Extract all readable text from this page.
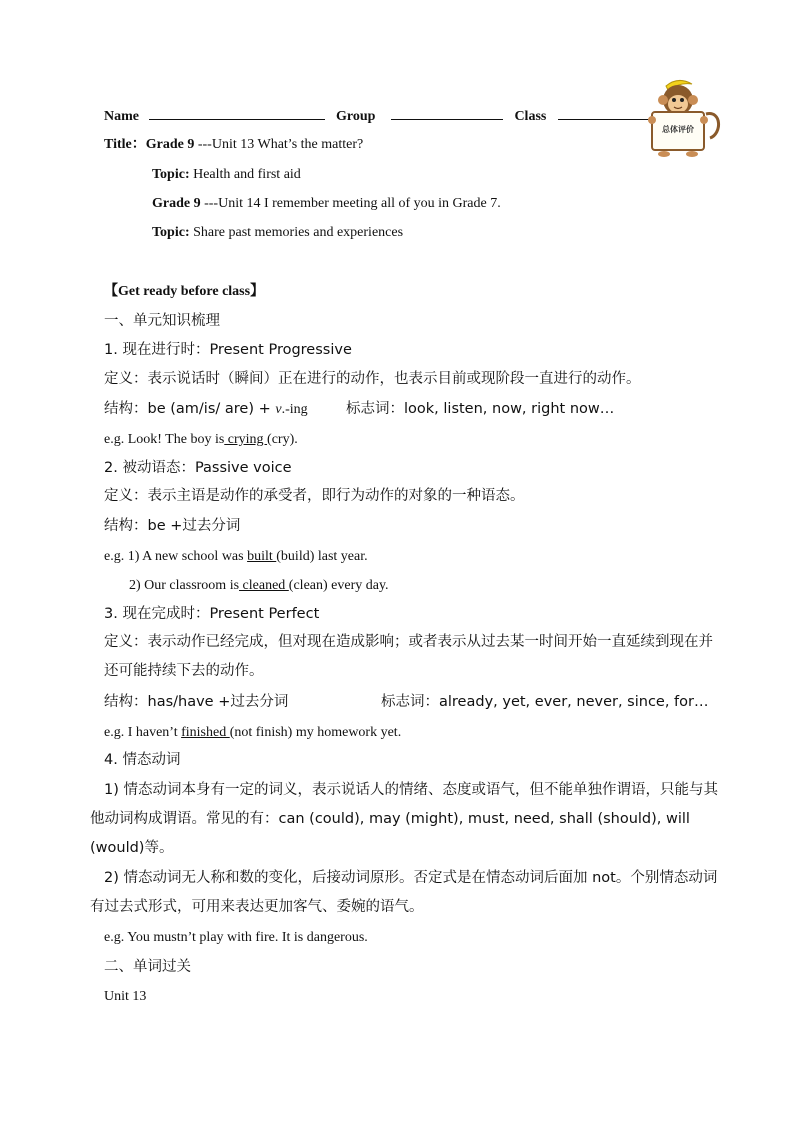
Name	Group	Class
总体评价
Title：Grade 9 ---Unit 13 What’s the matter?
Topic: Health and first aid
Grade 9 ---Unit 14 I remember meeting all of you in Grade 7.
Topic: Share past memories and experiences
【Get ready before class】
一、单元知识梳理
1. 现在进行时：Present Progressive
定义：表示说话时（瞬间）正在进行的动作，也表示目前或现阶段一直进行的动作。
结构：be (am/is/ are) + v.-ing	标志词：look, listen, now, right now…
e.g. Look! The boy is crying (cry).
2. 被动语态：Passive voice
定义：表示主语是动作的承受者，即行为动作的对象的一种语态。
结构：be +过去分词
e.g. 1) A new school was built (build) last year.
2) Our classroom is cleaned (clean) every day.
3. 现在完成时：Present Perfect
定义：表示动作已经完成，但对现在造成影响；或者表示从过去某一时间开始一直延续到现在并还可能持续下去的动作。
结构：has/have +过去分词	标志词：already, yet, ever, never, since, for…
e.g. I haven’t finished (not finish) my homework yet.
4. 情态动词
1) 情态动词本身有一定的词义，表示说话人的情绪、态度或语气，但不能单独作谓语，只能与其他动词构成谓语。常见的有：can (could), may (might), must, need, shall (should), will (would)等。
2) 情态动词无人称和数的变化，后接动词原形。否定式是在情态动词后面加 not。个别情态动词有过去式形式，可用来表达更加客气、委婉的语气。
e.g. You mustn’t play with fire. It is dangerous.
二、单词过关
Unit 13
